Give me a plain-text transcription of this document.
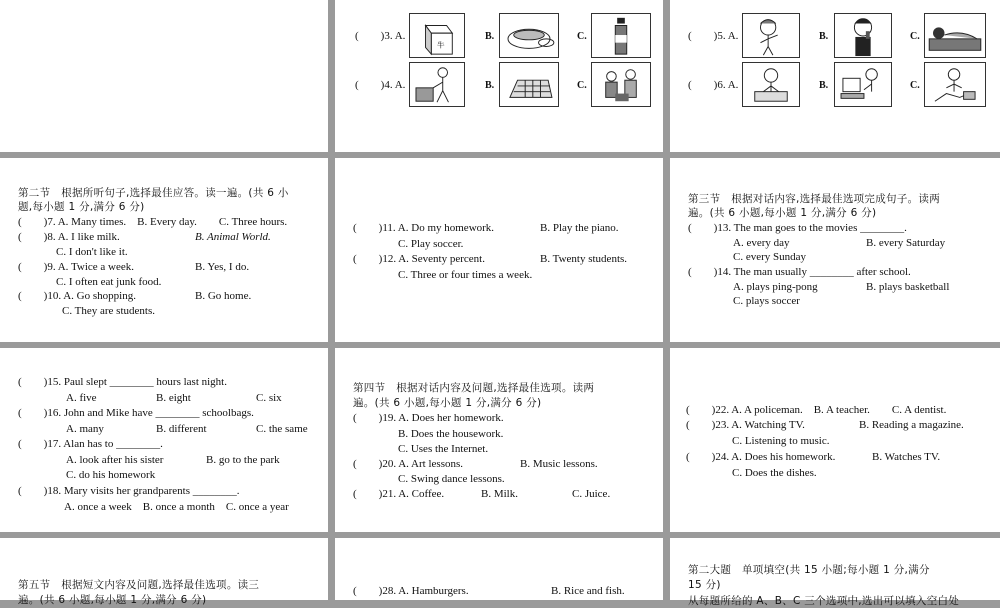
(　　)3. A.
牛
B.	C.
(　　)4. A.	B.	C.
(　　)5. A.	B.	C.
(　　)6. A.	B.	C.
第二节　根据所听句子,选择最佳应答。读一遍。(共 6 小
题,每小题 1 分,满分 6 分)
(　　)7. A. Many times.　B. Every day.　　C. Three hours.
(　　)8. A. I like milk.	B. Animal World.
C. I don't like it.
(　　)9. A. Twice a week.	B. Yes, I do.
C. I often eat junk food.
(　　)10. A. Go shopping.	B. Go home.
C. They are students.
(　　)11. A. Do my homework.	B. Play the piano.
C. Play soccer.
(　　)12. A. Seventy percent.	B. Twenty students.
C. Three or four times a week.
第三节　根据对话内容,选择最佳选项完成句子。读两
遍。(共 6 小题,每小题 1 分,满分 6 分)
(　　)13. The man goes to the movies ________.
A. every day	B. every Saturday
C. every Sunday
(　　)14. The man usually ________ after school.
A. plays ping-pong	B. plays basketball
C. plays soccer
(　　)15. Paul slept ________ hours last night.
A. five	B. eight	C. six
(　　)16. John and Mike have ________ schoolbags.
A. many	B. different	C. the same
(　　)17. Alan has to ________.
A. look after his sister	B. go to the park
C. do his homework
(　　)18. Mary visits her grandparents ________.
A. once a week　B. once a month　C. once a year
第四节　根据对话内容及问题,选择最佳选项。读两
遍。(共 6 小题,每小题 1 分,满分 6 分)
(　　)19. A. Does her homework.
B. Does the housework.
C. Uses the Internet.
(　　)20. A. Art lessons.	B. Music lessons.
C. Swing dance lessons.
(　　)21. A. Coffee.	B. Milk.	C. Juice.
(　　)22. A. A policeman.　B. A teacher.　　C. A dentist.
(　　)23. A. Watching TV.	B. Reading a magazine.
C. Listening to music.
(　　)24. A. Does his homework.	B. Watches TV.
C. Does the dishes.
第五节　根据短文内容及问题,选择最佳选项。读三
遍。(共 6 小题,每小题 1 分,满分 6 分)
(　　)28. A. Hamburgers.	B. Rice and fish.
第二大题　单项填空(共 15 小题;每小题 1 分,满分
15 分)
从每题所给的 A、B、C 三个选项中,选出可以填入空白处
